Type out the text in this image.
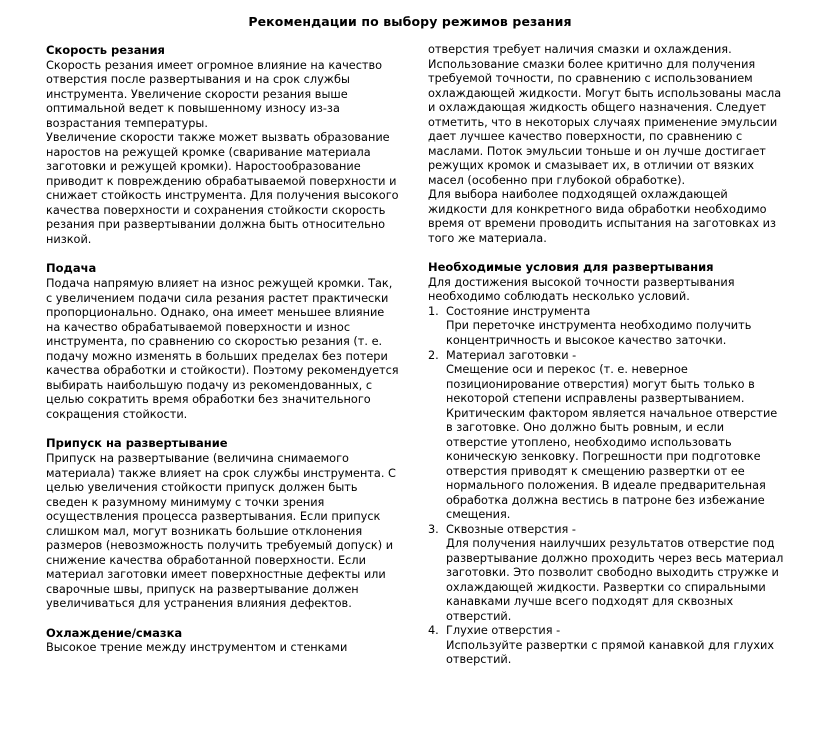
Рекомендации по выбору режимов резания
Скорость резания

Скорость резания имеет огромное влияние на качество отверстия после развертывания и на срок службы инструмента. Увеличение скорости резания выше оптимальной ведет к повышенному износу из-за возрастания температуры.

Увеличение скорости также может вызвать образование наростов на режущей кромке (сваривание материала заготовки и режущей кромки). Наростообразование приводит к повреждению обрабатываемой поверхности и снижает стойкость инструмента. Для получения высокого качества поверхности и сохранения стойкости скорость резания при развертывании должна быть относительно низкой.

Подача

Подача напрямую влияет на износ режущей кромки. Так, с увеличением подачи сила резания растет практически пропорционально. Однако, она имеет меньшее влияние на качество обрабатываемой поверхности и износ инструмента, по сравнению со скоростью резания (т. е. подачу можно изменять в больших пределах без потери качества обработки и стойкости). Поэтому рекомендуется выбирать наибольшую подачу из рекомендованных, с целью сократить время обработки без значительного сокращения стойкости.

Припуск на развертывание

Припуск на развертывание (величина снимаемого материала) также влияет на срок службы инструмента. С целью увеличения стойкости припуск должен быть сведен к разумному минимуму с точки зрения осуществления процесса развертывания. Если припуск слишком мал, могут возникать большие отклонения размеров (невозможность получить требуемый допуск) и снижение качества обработанной поверхности. Если материал заготовки имеет поверхностные дефекты или сварочные швы, припуск на развертывание должен увеличиваться для устранения влияния дефектов.

Охлаждение/смазка

Высокое трение между инструментом и стенками

отверстия требует наличия смазки и охлаждения. Использование смазки более критично для получения требуемой точности, по сравнению с использованием охлаждающей жидкости. Могут быть использованы масла и охлаждающая жидкость общего назначения. Следует отметить, что в некоторых случаях применение эмульсии дает лучшее качество поверхности, по сравнению с маслами. Поток эмульсии тоньше и он лучше достигает режущих кромок и смазывает их, в отличии от вязких масел (особенно при глубокой обработке).

Для выбора наиболее подходящей охлаждающей жидкости для конкретного вида обработки необходимо время от времени проводить испытания на заготовках из того же материала.

Необходимые условия для развертывания

Для достижения высокой точности развертывания необходимо соблюдать несколько условий.

1. Состояние инструмента
При переточке инструмента необходимо получить концентричность и высокое качество заточки.
2. Материал заготовки -
Смещение оси и перекос (т. е. неверное позиционирование отверстия) могут быть только в некоторой степени исправлены развертыванием. Критическим фактором является начальное отверстие в заготовке. Оно должно быть ровным, и если отверстие утоплено, необходимо использовать коническую зенковку. Погрешности при подготовке отверстия приводят к смещению развертки от ее нормального положения. В идеале предварительная обработка должна вестись в патроне без избежание смещения.
3. Сквозные отверстия -
Для получения наилучших результатов отверстие под развертывание должно проходить через весь материал заготовки. Это позволит свободно выходить стружке и охлаждающей жидкости. Развертки со спиральными канавками лучше всего подходят для сквозных отверстий.
4. Глухие отверстия -
Используйте развертки с прямой канавкой для глухих отверстий.
